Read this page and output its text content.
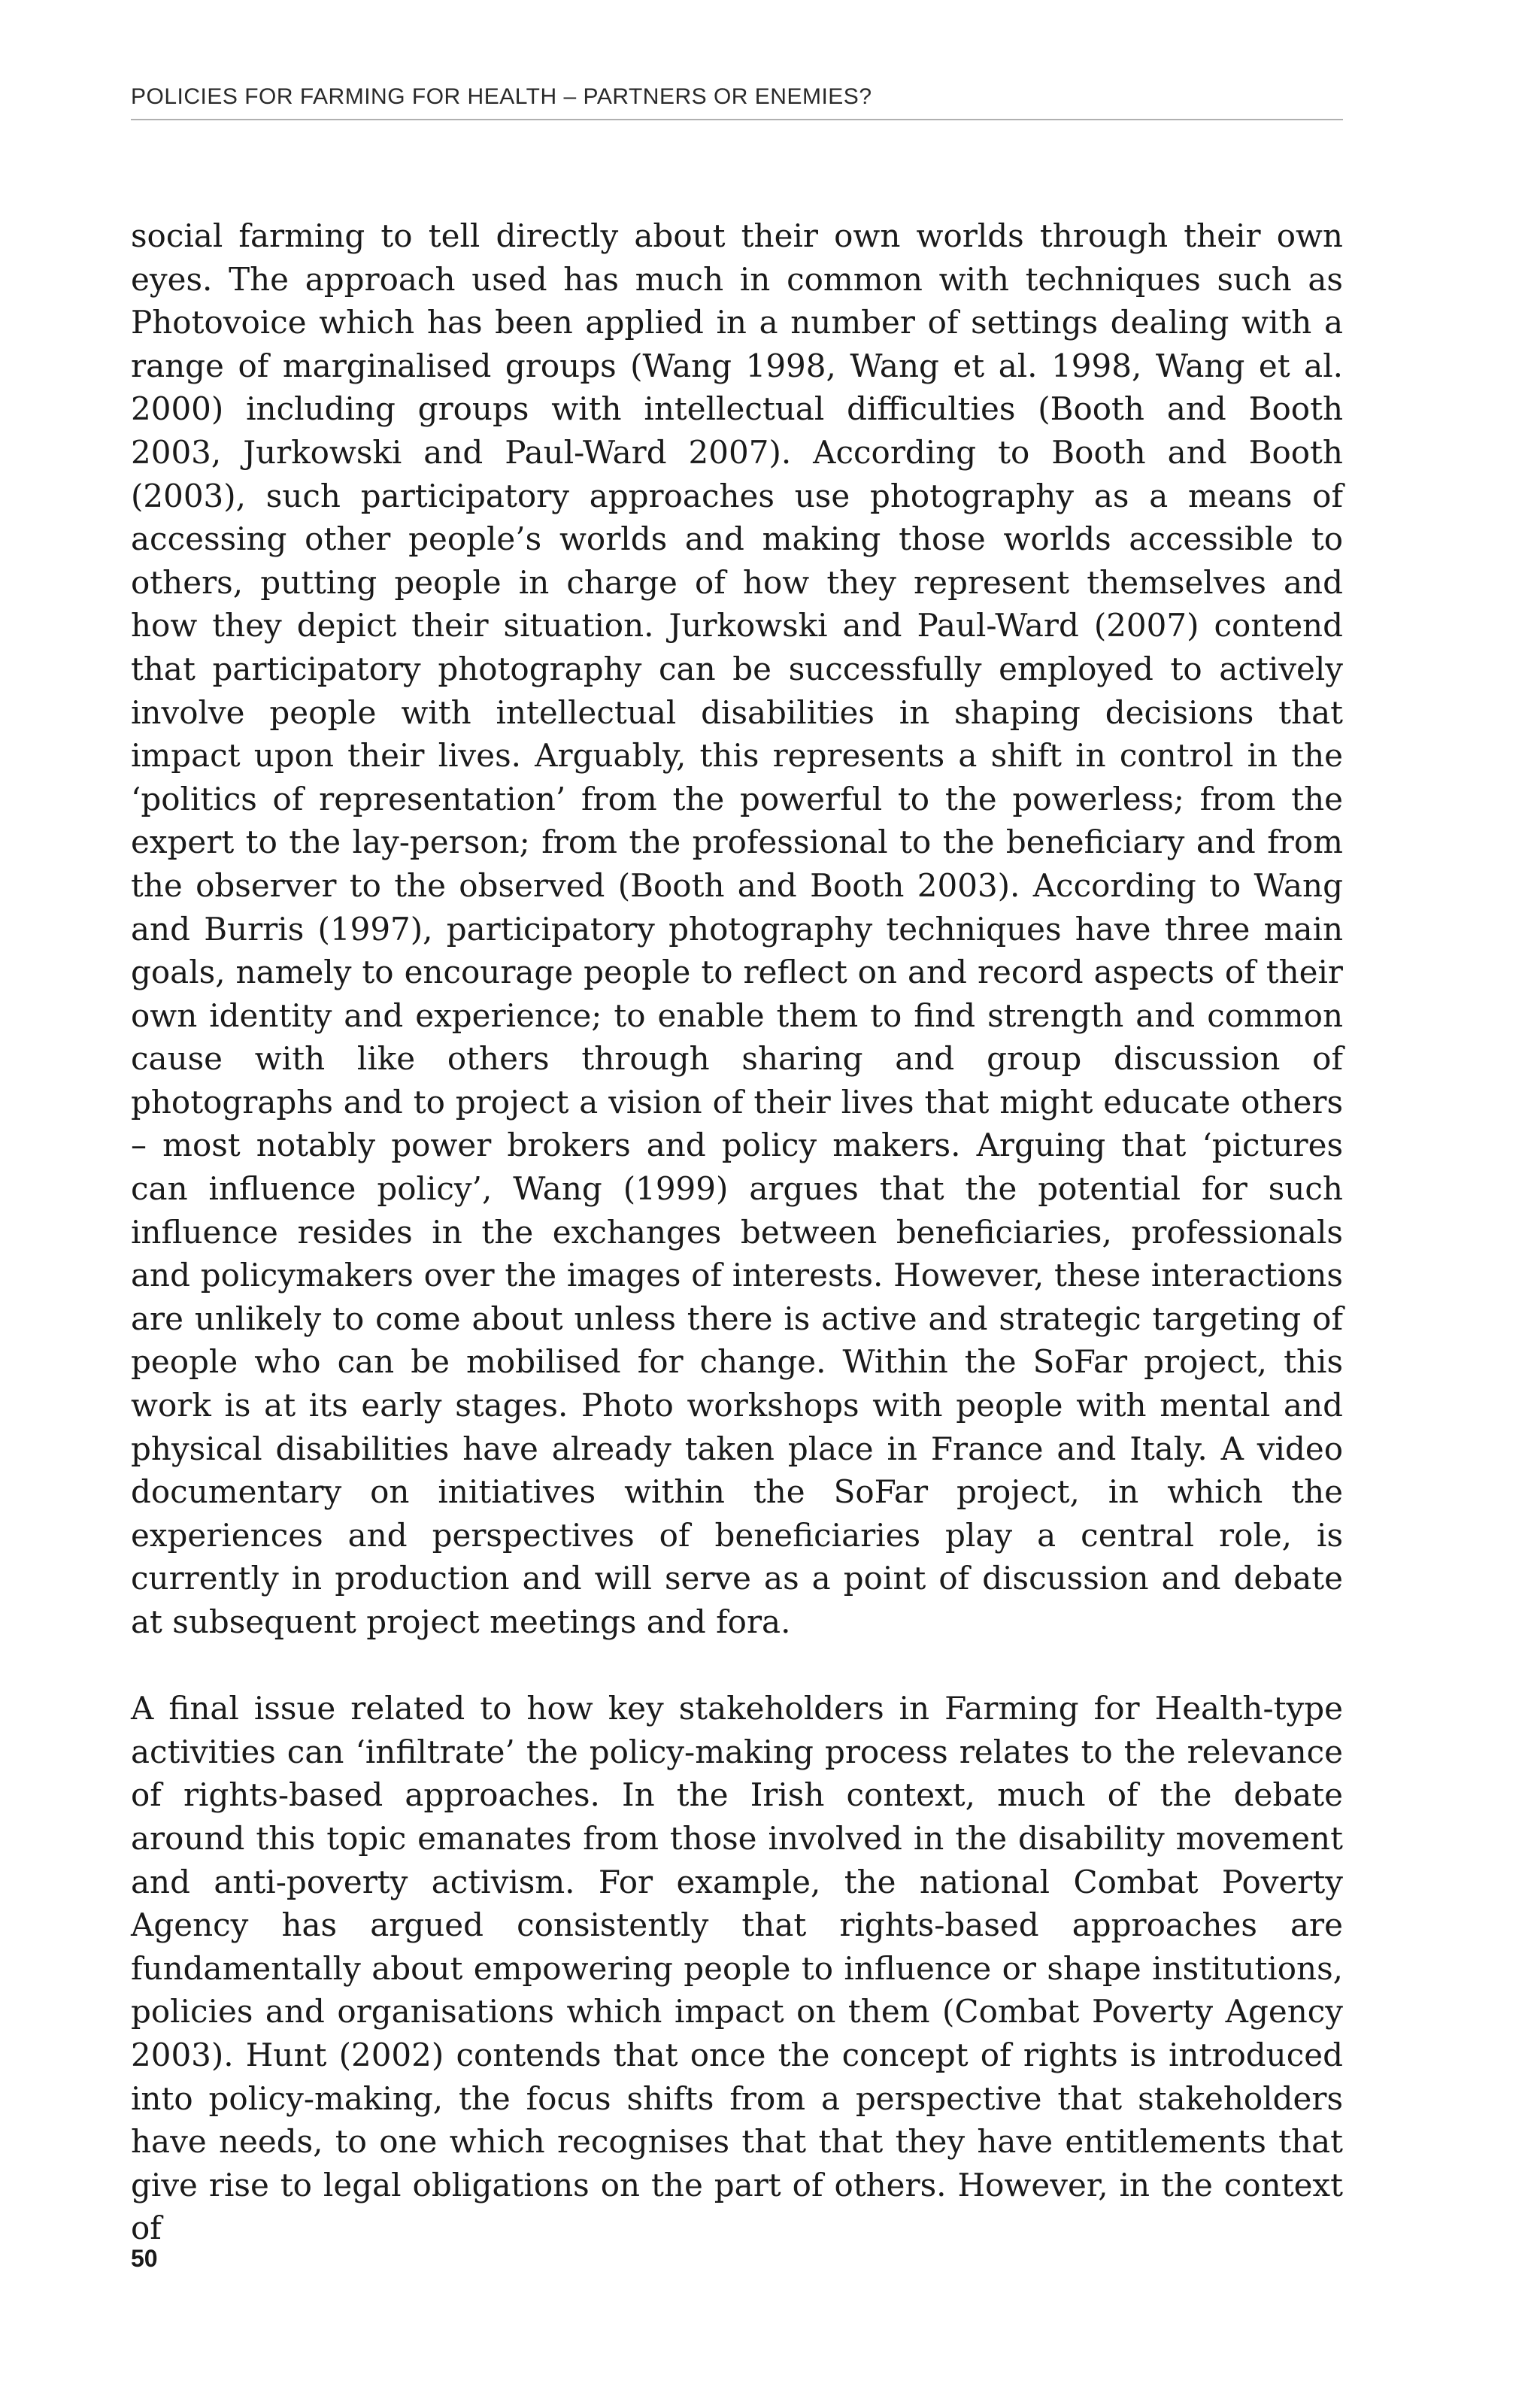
POLICIES FOR FARMING FOR HEALTH – PARTNERS OR ENEMIES?

social farming to tell directly about their own worlds through their own eyes. The approach used has much in common with techniques such as Photovoice which has been applied in a number of settings dealing with a range of marginalised groups (Wang 1998, Wang et al. 1998, Wang et al. 2000) including groups with intellectual difficulties (Booth and Booth 2003, Jurkowski and Paul-Ward 2007). According to Booth and Booth (2003), such participatory approaches use photography as a means of accessing other people’s worlds and making those worlds accessible to others, putting people in charge of how they represent themselves and how they depict their situation. Jurkowski and Paul-Ward (2007) contend that participatory photography can be successfully employed to actively involve people with intellectual disabilities in shaping decisions that impact upon their lives. Arguably, this represents a shift in control in the ‘politics of representation’ from the powerful to the powerless; from the expert to the lay-person; from the professional to the beneficiary and from the observer to the observed (Booth and Booth 2003). According to Wang and Burris (1997), participatory photography techniques have three main goals, namely to encourage people to reflect on and record aspects of their own identity and experience; to enable them to find strength and common cause with like others through sharing and group discussion of photographs and to project a vision of their lives that might educate others – most notably power brokers and policy makers. Arguing that ‘pictures can influence policy’, Wang (1999) argues that the potential for such influence resides in the exchanges between beneficiaries, professionals and policymakers over the images of interests. However, these interactions are unlikely to come about unless there is active and strategic targeting of people who can be mobilised for change. Within the SoFar project, this work is at its early stages. Photo workshops with people with mental and physical disabilities have already taken place in France and Italy. A video documentary on initiatives within the SoFar project, in which the experiences and perspectives of beneficiaries play a central role, is currently in production and will serve as a point of discussion and debate at subsequent project meetings and fora.

A final issue related to how key stakeholders in Farming for Health-type activities can ‘infiltrate’ the policy-making process relates to the relevance of rights-based approaches. In the Irish context, much of the debate around this topic emanates from those involved in the disability movement and anti-poverty activism. For example, the national Combat Poverty Agency has argued consistently that rights-based approaches are fundamentally about empowering people to influence or shape institutions, policies and organisations which impact on them (Combat Poverty Agency 2003). Hunt (2002) contends that once the concept of rights is introduced into policy-making, the focus shifts from a perspective that stakeholders have needs, to one which recognises that that they have entitlements that give rise to legal obligations on the part of others. However, in the context of

50
